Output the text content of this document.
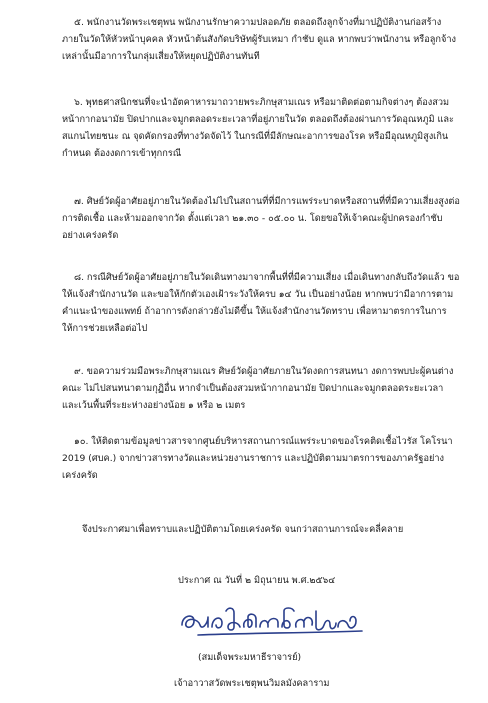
๕. พนักงานวัดพระเชตุพน พนักงานรักษาความปลอดภัย ตลอดถึงลูกจ้างที่มาปฏิบัติงานก่อสร้างภายในวัดให้หัวหน้าบุคคล หัวหน้าต้นสังกัดบริษัทผู้รับเหมา กำชับ ดูแล หากพบว่าพนักงาน หรือลูกจ้างเหล่านั้นมีอาการในกลุ่มเสี่ยงให้หยุดปฏิบัติงานทันที

๖. พุทธศาสนิกชนที่จะนำอัตคาหารมาถวายพระภิกษุสามเณร หรือมาติดต่อตามกิจต่างๆ ต้องสวมหน้ากากอนามัย ปิดปากและจมูกตลอดระยะเวลาที่อยู่ภายในวัด ตลอดถึงต้องผ่านการวัดอุณหภูมิ และสแกนไทยชนะ ณ จุดคัดกรองที่ทางวัดจัดไว้ ในกรณีที่มีลักษณะอาการของโรค หรือมีอุณหภูมิสูงเกินกำหนด ต้องงดการเข้าทุกกรณี

๗. ศิษย์วัดผู้อาศัยอยู่ภายในวัดต้องไม่ไปในสถานที่ที่มีการแพร่ระบาดหรือสถานที่ที่มีความเสี่ยงสูงต่อการติดเชื้อ และห้ามออกจากวัด ตั้งแต่เวลา ๒๑.๓๐ - ๐๕.๐๐ น. โดยขอให้เจ้าคณะผู้ปกครองกำชับอย่างเคร่งครัด

๘. กรณีศิษย์วัดผู้อาศัยอยู่ภายในวัดเดินทางมาจากพื้นที่ที่มีความเสี่ยง เมื่อเดินทางกลับถึงวัดแล้ว ขอให้แจ้งสำนักงานวัด และขอให้กักตัวเองเฝ้าระวังให้ครบ ๑๔ วัน เป็นอย่างน้อย หากพบว่ามีอาการตามคำแนะนำของแพทย์ ถ้าอาการดังกล่าวยังไม่ดีขึ้น ให้แจ้งสำนักงานวัดทราบ เพื่อหามาตรการในการให้การช่วยเหลือต่อไป

๙. ขอความร่วมมือพระภิกษุสามเณร ศิษย์วัดผู้อาศัยภายในวัดงดการสนทนา งดการพบปะผู้คนต่างคณะ ไม่ไปสนทนาตามกุฏิอื่น หากจำเป็นต้องสวมหน้ากากอนามัย ปิดปากและจมูกตลอดระยะเวลา และเว้นพื้นที่ระยะห่างอย่างน้อย ๑ หรือ ๒ เมตร

๑๐. ให้ติดตามข้อมูลข่าวสารจากศูนย์บริหารสถานการณ์แพร่ระบาดของโรคติดเชื้อไวรัส โคโรนา 2019 (ศบค.) จากข่าวสารทางวัดและหน่วยงานราชการ และปฏิบัติตามมาตรการของภาครัฐอย่างเคร่งครัด

จึงประกาศมาเพื่อทราบและปฏิบัติตามโดยเคร่งครัด จนกว่าสถานการณ์จะคลี่คลาย
ประกาศ ณ วันที่ ๒ มิถุนายน พ.ศ.๒๕๖๔
(สมเด็จพระมหาธีราจารย์)
เจ้าอาวาสวัดพระเชตุพนวิมลมังคลาราม
